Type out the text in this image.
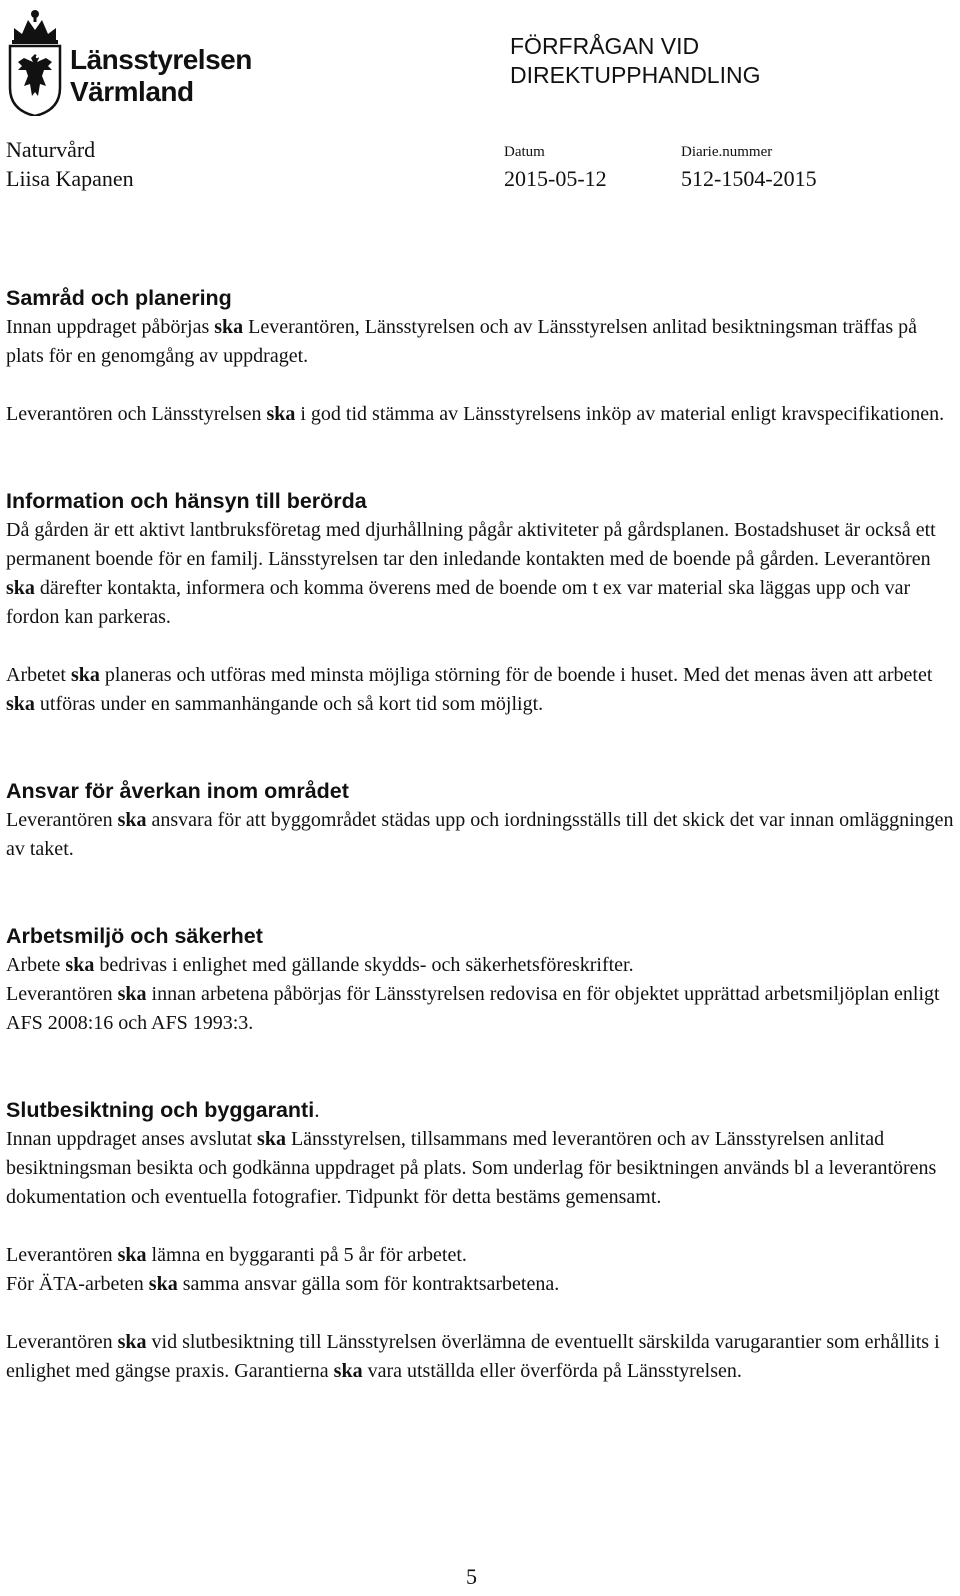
Länsstyrelsen
Värmland
FÖRFRÅGAN VID
DIREKTUPPHANDLING
Naturvård
Liisa Kapanen
Datum
2015-05-12
Diarie.nummer
512-1504-2015
Samråd och planering

Innan uppdraget påbörjas ska Leverantören, Länsstyrelsen och av Länsstyrelsen anlitad besiktningsman träffas på plats för en genomgång av uppdraget.

Leverantören och Länsstyrelsen ska i god tid stämma av Länsstyrelsens inköp av material enligt kravspecifikationen.

Information och hänsyn till berörda

Då gården är ett aktivt lantbruksföretag med djurhållning pågår aktiviteter på gårdsplanen. Bostadshuset är också ett permanent boende för en familj. Länsstyrelsen tar den inledande kontakten med de boende på gården. Leverantören ska därefter kontakta, informera och komma överens med de boende om t ex var material ska läggas upp och var fordon kan parkeras.

Arbetet ska planeras och utföras med minsta möjliga störning för de boende i huset. Med det menas även att arbetet ska utföras under en sammanhängande och så kort tid som möjligt.

Ansvar för åverkan inom området

Leverantören ska ansvara för att byggområdet städas upp och iordningsställs till det skick det var innan omläggningen av taket.

Arbetsmiljö och säkerhet

Arbete ska bedrivas i enlighet med gällande skydds- och säkerhetsföreskrifter.

Leverantören ska innan arbetena påbörjas för Länsstyrelsen redovisa en för objektet upprättad arbetsmiljöplan enligt AFS 2008:16 och AFS 1993:3.

Slutbesiktning och byggaranti.

Innan uppdraget anses avslutat ska Länsstyrelsen, tillsammans med leverantören och av Länsstyrelsen anlitad besiktningsman besikta och godkänna uppdraget på plats. Som underlag för besiktningen används bl a leverantörens dokumentation och eventuella fotografier. Tidpunkt för detta bestäms gemensamt.

Leverantören ska lämna en byggaranti på 5 år för arbetet.

För ÄTA-arbeten ska samma ansvar gälla som för kontraktsarbetena.

Leverantören ska vid slutbesiktning till Länsstyrelsen överlämna de eventuellt särskilda varugarantier som erhållits i enlighet med gängse praxis. Garantierna ska vara utställda eller överförda på Länsstyrelsen.

5
